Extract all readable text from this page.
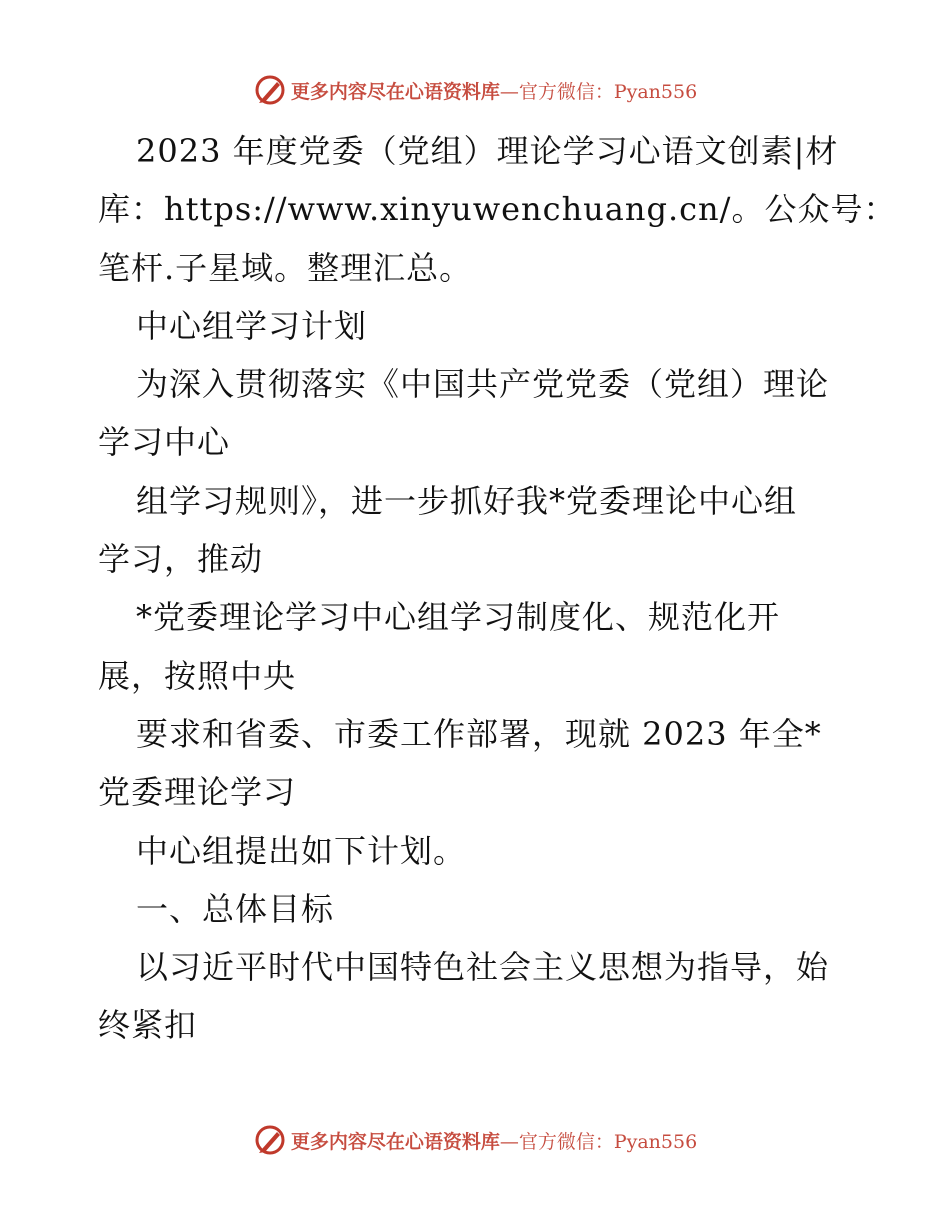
更多内容尽在心语资料库—官方微信：Pyan556
2023 年度党委（党组）理论学习心语文创素|材
库：https://www.xinyuwenchuang.cn/。公众号：
笔杆.子星域。整理汇总。
中心组学习计划
为深入贯彻落实《中国共产党党委（党组）理论
学习中心
组学习规则》，进一步抓好我*党委理论中心组
学习，推动
*党委理论学习中心组学习制度化、规范化开
展，按照中央
要求和省委、市委工作部署，现就 2023 年全*
党委理论学习
中心组提出如下计划。
一、总体目标
以习近平时代中国特色社会主义思想为指导，始
终紧扣
更多内容尽在心语资料库—官方微信：Pyan556
